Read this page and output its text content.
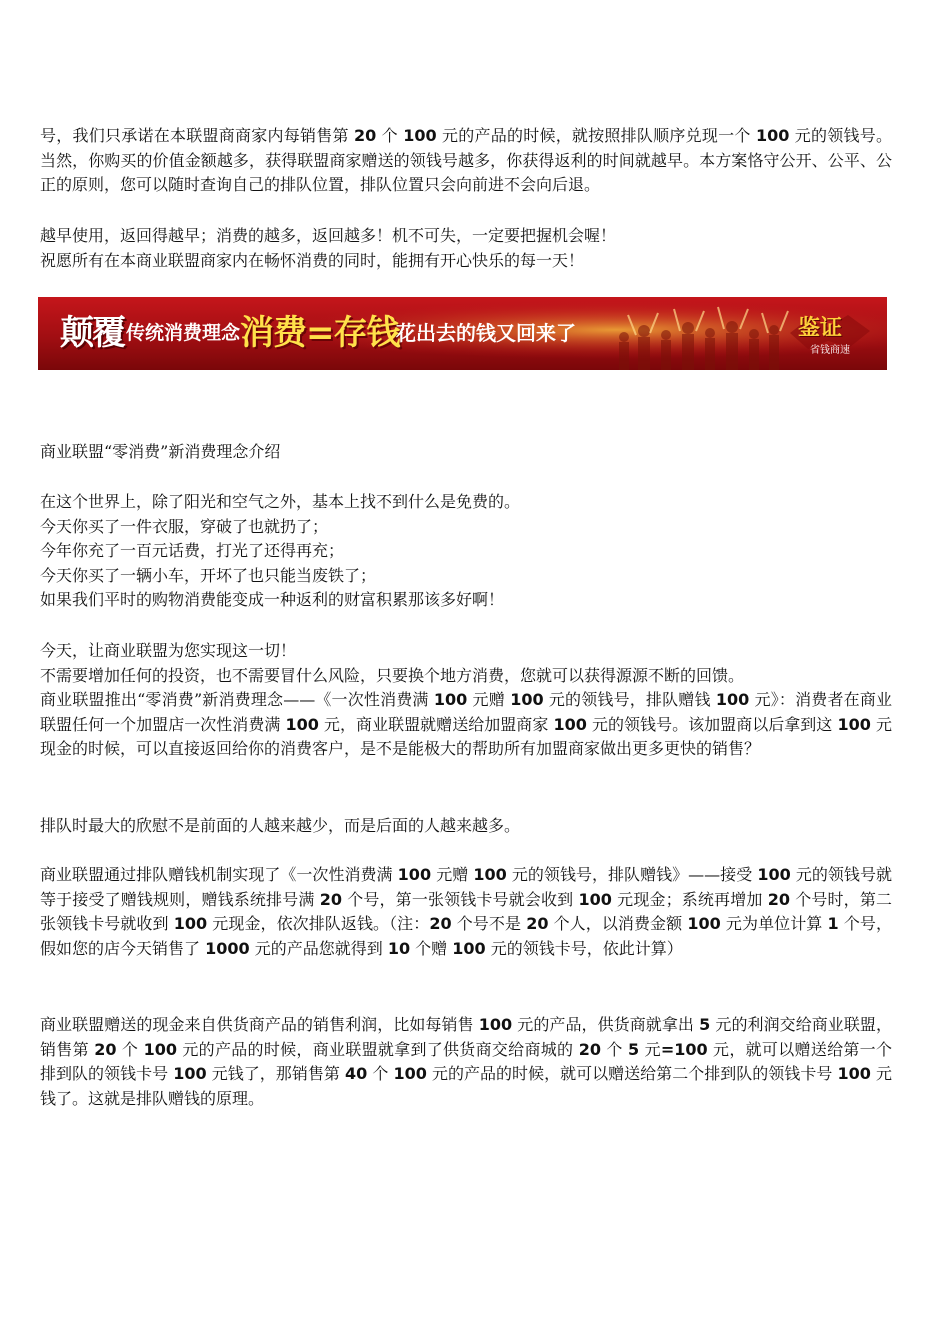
号，我们只承诺在本联盟商商家内每销售第 20 个 100 元的产品的时候，就按照排队顺序兑现一个 100 元的领钱号。当然，你购买的价值金额越多，获得联盟商家赠送的领钱号越多，你获得返利的时间就越早。本方案恪守公开、公平、公正的原则，您可以随时查询自己的排队位置，排队位置只会向前进不会向后退。

越早使用，返回得越早；消费的越多，返回越多！机不可失，一定要把握机会喔！
祝愿所有在本商业联盟商家内在畅怀消费的同时，能拥有开心快乐的每一天！

颠覆 传统消费理念 消费=存钱
花出去的钱又回来了	鉴证
省钱商速

商业联盟“零消费”新消费理念介绍

在这个世界上，除了阳光和空气之外，基本上找不到什么是免费的。
今天你买了一件衣服，穿破了也就扔了；
今年你充了一百元话费，打光了还得再充；
今天你买了一辆小车，开坏了也只能当废铁了；
如果我们平时的购物消费能变成一种返利的财富积累那该多好啊！

今天，让商业联盟为您实现这一切！
不需要增加任何的投资，也不需要冒什么风险，只要换个地方消费，您就可以获得源源不断的回馈。
商业联盟推出“零消费”新消费理念——《一次性消费满 100 元赠 100 元的领钱号，排队赠钱 100 元》：消费者在商业联盟任何一个加盟店一次性消费满 100 元，商业联盟就赠送给加盟商家 100 元的领钱号。该加盟商以后拿到这 100 元现金的时候，可以直接返回给你的消费客户，是不是能极大的帮助所有加盟商家做出更多更快的销售？

排队时最大的欣慰不是前面的人越来越少，而是后面的人越来越多。

商业联盟通过排队赠钱机制实现了《一次性消费满 100 元赠 100 元的领钱号，排队赠钱》——接受 100 元的领钱号就等于接受了赠钱规则，赠钱系统排号满 20 个号，第一张领钱卡号就会收到 100 元现金；系统再增加 20 个号时，第二张领钱卡号就收到 100 元现金，依次排队返钱。（注：20 个号不是 20 个人，以消费金额 100 元为单位计算 1 个号，假如您的店今天销售了 1000 元的产品您就得到 10 个赠 100 元的领钱卡号，依此计算）

商业联盟赠送的现金来自供货商产品的销售利润，比如每销售 100 元的产品，供货商就拿出 5 元的利润交给商业联盟，销售第 20 个 100 元的产品的时候，商业联盟就拿到了供货商交给商城的 20 个 5 元=100 元，就可以赠送给第一个排到队的领钱卡号 100 元钱了，那销售第 40 个 100 元的产品的时候，就可以赠送给第二个排到队的领钱卡号 100 元钱了。这就是排队赠钱的原理。
